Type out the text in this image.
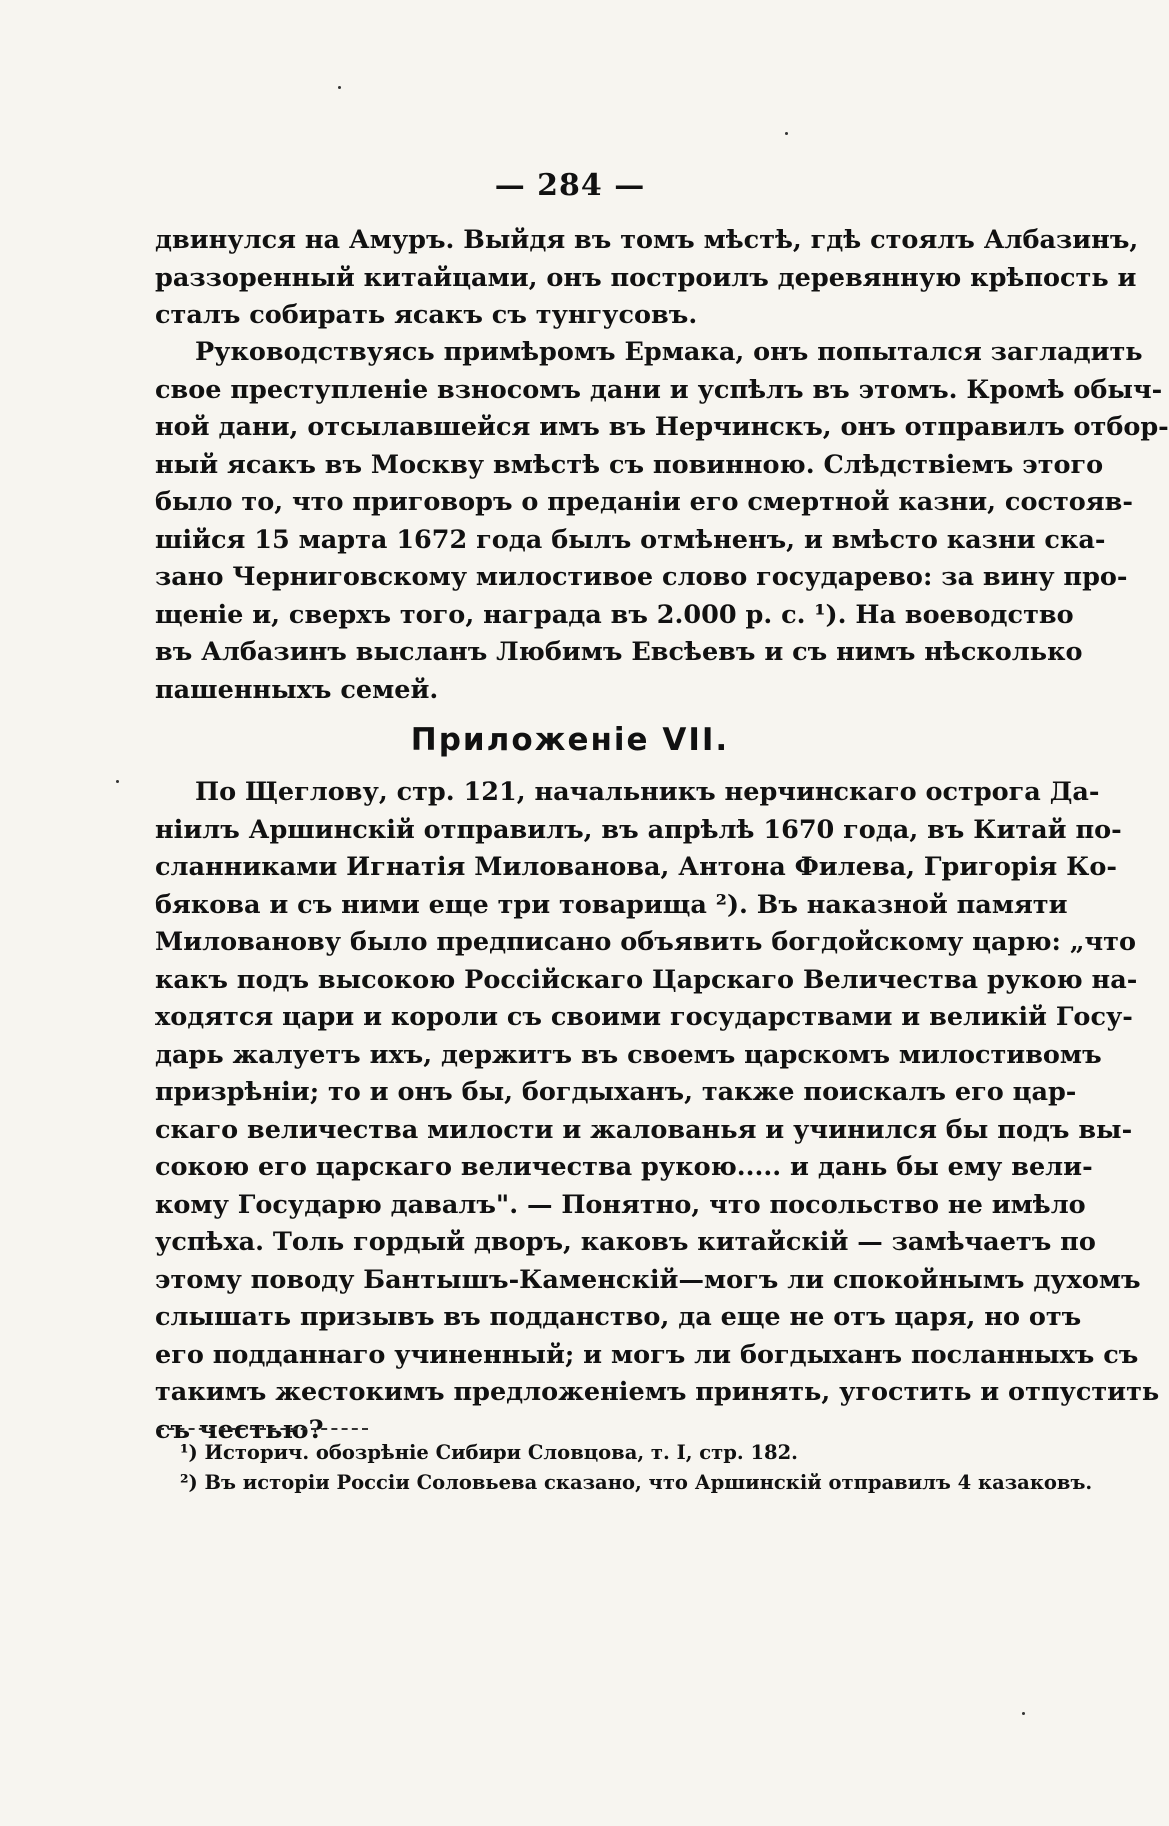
— 284 —
двинулся на Амуръ. Выйдя въ томъ мѣстѣ, гдѣ стоялъ Албазинъ,
раззоренный китайцами, онъ построилъ деревянную крѣпость и
сталъ собирать ясакъ съ тунгусовъ.
Руководствуясь примѣромъ Ермака, онъ попытался загладить
свое преступленіе взносомъ дани и успѣлъ въ этомъ. Кромѣ обыч-
ной дани, отсылавшейся имъ въ Нерчинскъ, онъ отправилъ отбор-
ный ясакъ въ Москву вмѣстѣ съ повинною. Слѣдствіемъ этого
было то, что приговоръ о преданіи его смертной казни, состояв-
шійся 15 марта 1672 года былъ отмѣненъ, и вмѣсто казни ска-
зано Черниговскому милостивое слово государево: за вину про-
щеніе и, сверхъ того, награда въ 2.000 р. с. ¹). На воеводство
въ Албазинъ высланъ Любимъ Евсѣевъ и съ нимъ нѣсколько
пашенныхъ семей.
Приложеніе VII.
По Щеглову, стр. 121, начальникъ нерчинскаго острога Да-
ніилъ Аршинскій отправилъ, въ апрѣлѣ 1670 года, въ Китай по-
сланниками Игнатія Милованова, Антона Филева, Григорія Ко-
бякова и съ ними еще три товарища ²). Въ наказной памяти
Милованову было предписано объявить богдойскому царю: „что
какъ подъ высокою Россійскаго Царскаго Величества рукою на-
ходятся цари и короли съ своими государствами и великій Госу-
дарь жалуетъ ихъ, держитъ въ своемъ царскомъ милостивомъ
призрѣніи; то и онъ бы, богдыханъ, также поискалъ его цар-
скаго величества милости и жалованья и учинился бы подъ вы-
сокою его царскаго величества рукою..... и дань бы ему вели-
кому Государю давалъ". — Понятно, что посольство не имѣло
успѣха. Толь гордый дворъ, каковъ китайскій — замѣчаетъ по
этому поводу Бантышъ-Каменскій—могъ ли спокойнымъ духомъ
слышать призывъ въ подданство, да еще не отъ царя, но отъ
его подданнаго учиненный; и могъ ли богдыханъ посланныхъ съ
такимъ жестокимъ предложеніемъ принять, угостить и отпустить
съ честью?
¹) Историч. обозрѣніе Сибири Словцова, т. I, стр. 182.
²) Въ исторіи Россіи Соловьева сказано, что Аршинскій отправилъ 4 казаковъ.
